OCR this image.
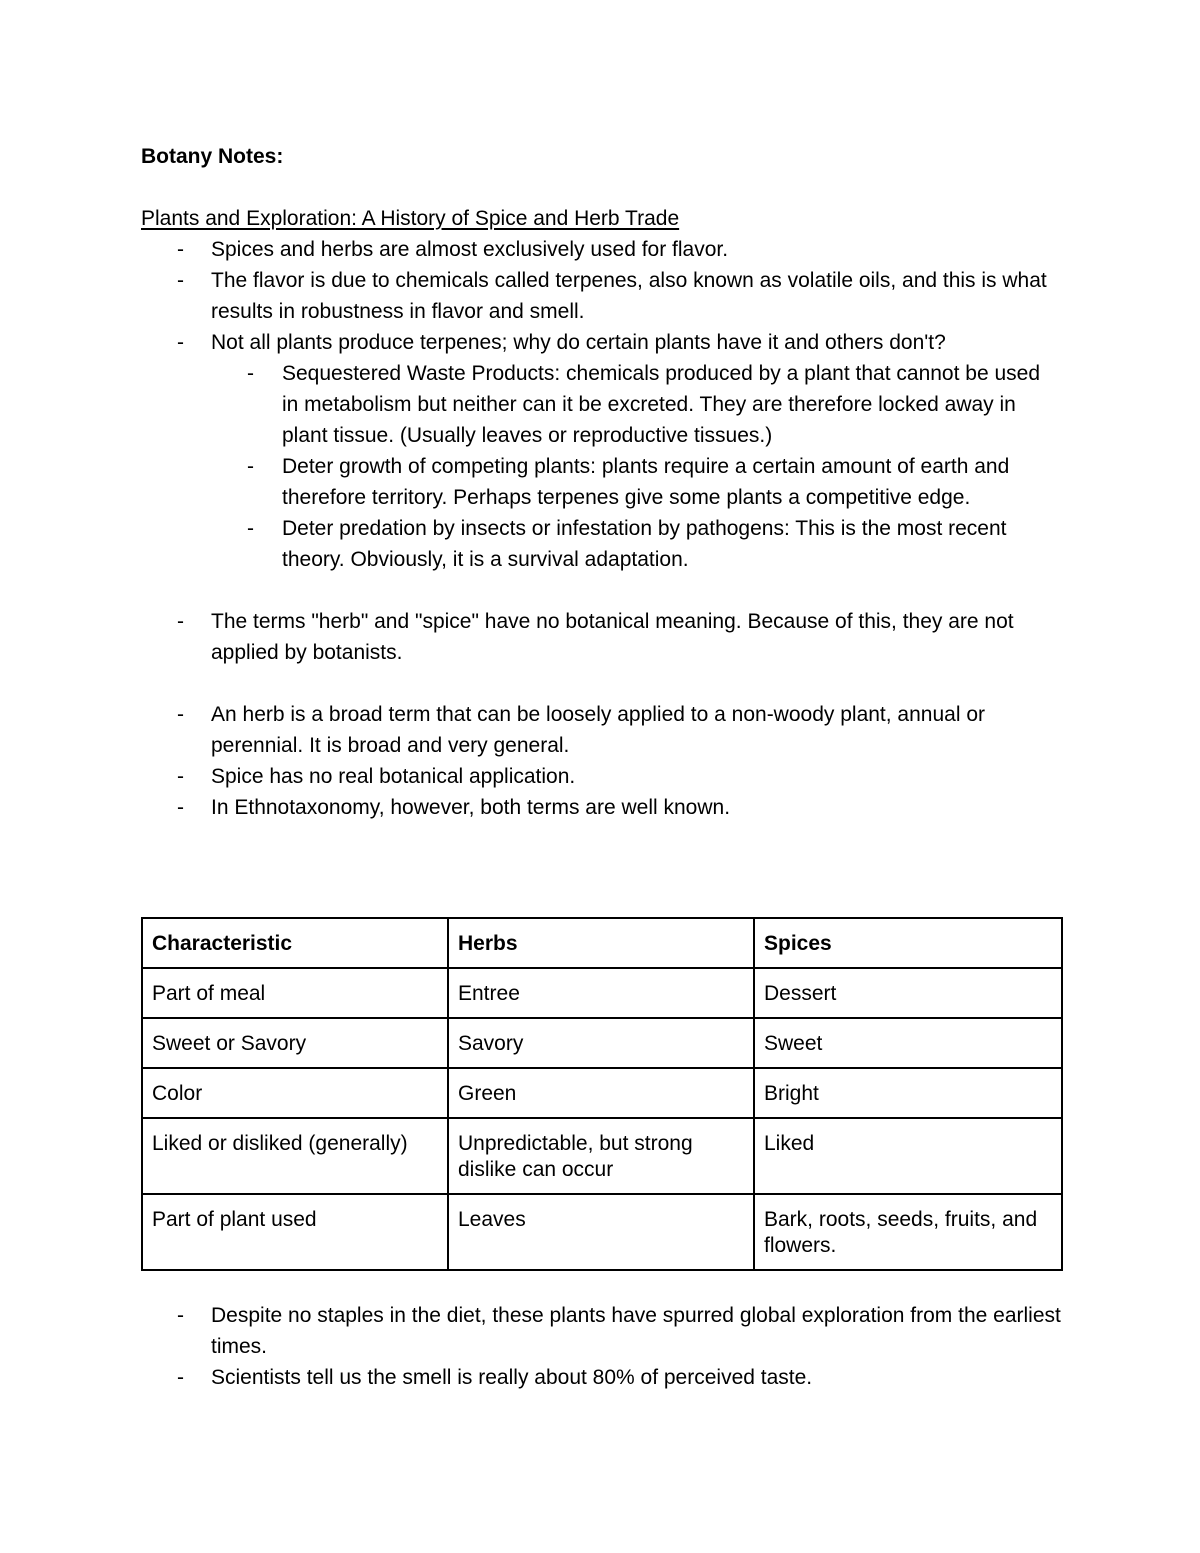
Botany Notes:

Plants and Exploration: A History of Spice and Herb Trade

- Spices and herbs are almost exclusively used for flavor.
- The flavor is due to chemicals called terpenes, also known as volatile oils, and this is what results in robustness in flavor and smell.
- Not all plants produce terpenes; why do certain plants have it and others don't?
- Sequestered Waste Products: chemicals produced by a plant that cannot be used in metabolism but neither can it be excreted. They are therefore locked away in plant tissue. (Usually leaves or reproductive tissues.)
- Deter growth of competing plants: plants require a certain amount of earth and therefore territory. Perhaps terpenes give some plants a competitive edge.
- Deter predation by insects or infestation by pathogens: This is the most recent theory. Obviously, it is a survival adaptation.
- The terms "herb" and "spice" have no botanical meaning. Because of this, they are not applied by botanists.
- An herb is a broad term that can be loosely applied to a non-woody plant, annual or perennial. It is broad and very general.
- Spice has no real botanical application.
- In Ethnotaxonomy, however, both terms are well known.
Characteristic	Herbs	Spices
Part of meal	Entree	Dessert
Sweet or Savory	Savory	Sweet
Color	Green	Bright
Liked or disliked (generally)	Unpredictable, but strong dislike can occur	Liked
Part of plant used	Leaves	Bark, roots, seeds, fruits, and flowers.
- Despite no staples in the diet, these plants have spurred global exploration from the earliest times.
- Scientists tell us the smell is really about 80% of perceived taste.
